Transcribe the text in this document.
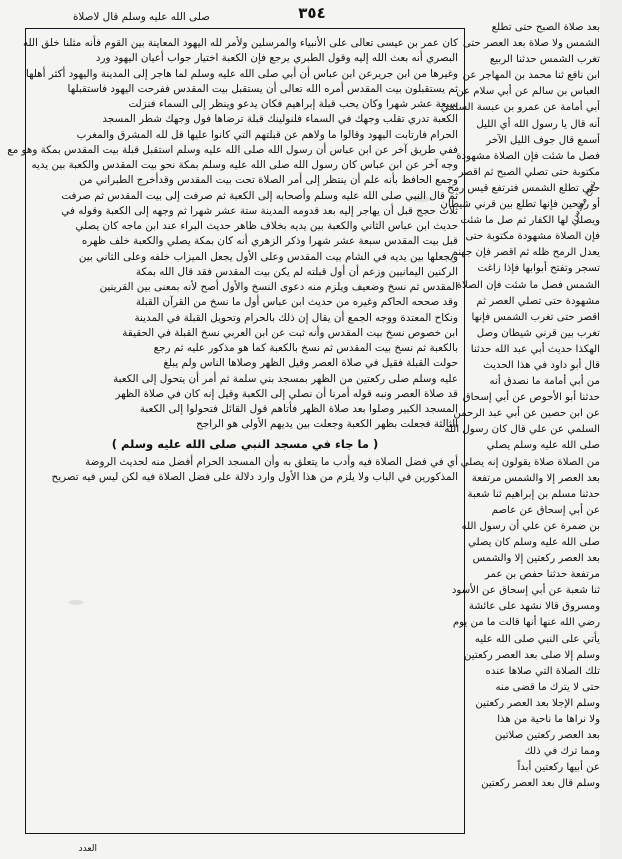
٣٥٤
صلى الله عليه وسلم قال لاصلاة
كان عمر بن عيسى تعالى على الأنبياء والمرسلين ولأمر لله اليهود المعاينة بين القوم فأنه مثلنا خلق الله
البصري أنه بعث الله إليه وقول الطبري يرجع فإن الكعبة اختيار جواب أعيان اليهود ورد
وغيرها من ابن جريرعن ابن عباس أن أبي صلى الله عليه وسلم لما هاجر إلى المدينة واليهود أكثر أهلها
ثم يستقبلون بيت المقدس أمره الله تعالى أن يستقبل بيت المقدس ففرحت اليهود فاستقبلها
سبعة عشر شهرا وكان يحب قبلة إبراهيم فكان يدعو وينظر إلى السماء فنزلت
الكعبة تدري تقلب وجهك في السماء فلنولينك قبلة ترضاها فول وجهك شطر المسجد
الحرام فارتابت اليهود وقالوا ما ولاهم عن قبلتهم التي كانوا عليها قل لله المشرق والمغرب
ففي طريق آخر عن ابن عباس أن رسول الله صلى الله عليه وسلم استقبل قبلة بيت المقدس بمكة وهو مع
وجه آخر عن ابن عباس كان رسول الله صلى الله عليه وسلم بمكة نحو بيت المقدس والكعبة بين يديه
وجمع الحافظ بأنه علم أن ينتظر إلى أمر الصلاة تحت بيت المقدس وقدأخرج الطبراني من
ثم قال النبي صلى الله عليه وسلم وأصحابه إلى الكعبة ثم صرفت إلى بيت المقدس ثم صرفت
ثلاث حجج قبل أن يهاجر إليه بعد قدومه المدينة ستة عشر شهرا ثم وجهه إلى الكعبة وقوله في
حديث ابن عباس الثاني والكعبة بين يديه بخلاف ظاهر حديث البراء عند ابن ماجه كان يصلي
قبل بيت المقدس سبعة عشر شهرا وذكر الزهري أنه كان بمكة يصلي والكعبة خلف ظهره
ويجعلها بين يديه في الشام بيت المقدس وعلى الأول يجعل الميزاب خلفه وعلى الثاني بين
الركنين اليمانيين وزعم أن أول قبلته لم يكن بيت المقدس فقد قال الله بمكة
المقدس ثم نسخ وضعيف ويلزم منه دعوى النسخ والأول أصح لأنه بمعنى بين القرينين
وقد صححه الحاكم وغيره من حديث ابن عباس أول ما نسخ من القرآن القبلة
ونكاح المعتدة ووجه الجمع أن يقال إن ذلك بالحرام وتحويل القبلة في المدينة
ابن خصوص نسخ بيت المقدس وأنه ثبت عن ابن العربي نسخ القبلة في الحقيقة
بالكعبة ثم نسخ بيت المقدس ثم نسخ بالكعبة كما هو مذكور عليه ثم رجع
حولت القبلة فقيل في صلاة العصر وقيل الظهر وصلاها الناس ولم يبلغ
عليه وسلم صلى ركعتين من الظهر بمسجد بني سلمة ثم أمر أن يتحول إلى الكعبة
قد صلاة العصر ونبه قوله أمرنا أن نصلي إلى الكعبة وقيل إنه كان في صلاة الظهر
المسجد الكبير وصلوا بعد صلاة الظهر فأتاهم قول القائل فتحولوا إلى الكعبة
الثالثة فجعلت بظهر الكعبة وجعلت بين يديهم الأولى هو الراجح
( ما جاء في مسجد النبي صلى الله عليه وسلم )
أي في فضل الصلاة فيه وأدب ما يتعلق به وأن المسجد الحرام أفضل منه لحديث الروضة
المذكورين في الباب ولا يلزم من هذا الأول وارد دلالة على فضل الصلاة فيه لكن ليس فيه تصريح
بعد صلاة الصبح حتى تطلع
الشمس ولا صلاة بعد العصر حتى
تغرب الشمس حدثنا الربيع
ابن نافع ثنا محمد بن المهاجر عن
العباس بن سالم عن أبي سلام عن
أبي أمامة عن عمرو بن عبسة السلمي
أنه قال يا رسول الله أي الليل
أسمع قال جوف الليل الآخر
فصل ما شئت فإن الصلاة مشهودة
مكتوبة حتى تصلي الصبح ثم اقصر
حتى تطلع الشمس فترتفع قيس رمح
أو رمحين فإنها تطلع بين قرني شيطان
ويصلي لها الكفار ثم صل ما شئت
فإن الصلاة مشهودة مكتوبة حتى
يعدل الرمح ظله ثم اقصر فإن جهنم
تسجر وتفتح أبوابها فإذا زاغت
الشمس فصل ما شئت فإن الصلاة
مشهودة حتى تصلي العصر ثم
اقصر حتى تغرب الشمس فإنها
تغرب بين قرني شيطان وصل
الهكذا حديث أبي عبد الله حدثنا
قال أبو داود في هذا الحديث
من أبي أمامة ما نصدق أنه
حدثنا أبو الأحوص عن أبي إسحاق
عن ابن حصين عن أبي عبد الرحمن
السلمي عن علي قال كان رسول الله
صلى الله عليه وسلم يصلي
من الصلاة صلاة يقولون إنه يصلي
بعد العصر إلا والشمس مرتفعة
حدثنا مسلم بن إبراهيم ثنا شعبة
عن أبي إسحاق عن عاصم
بن ضمرة عن علي أن رسول الله
صلى الله عليه وسلم كان يصلي
بعد العصر ركعتين إلا والشمس
مرتفعة حدثنا حفص بن عمر
ثنا شعبة عن أبي إسحاق عن الأسود
ومسروق قالا نشهد على عائشة
رضي الله عنها أنها قالت ما من يوم
يأتي على النبي صلى الله عليه
وسلم إلا صلى بعد العصر ركعتين
تلك الصلاة التي صلاها عنده
حتى لا يترك ما قضى منه
وسلم الإجلا بعد العصر ركعتين
ولا نراها ما ناحية من هذا
بعد العصر ركعتين صلاتين
ومما ترك في ذلك
عن أبيها ركعتين أبداً
وسلم قال بعد العصر ركعتين
نسخ مقدس
العدد
